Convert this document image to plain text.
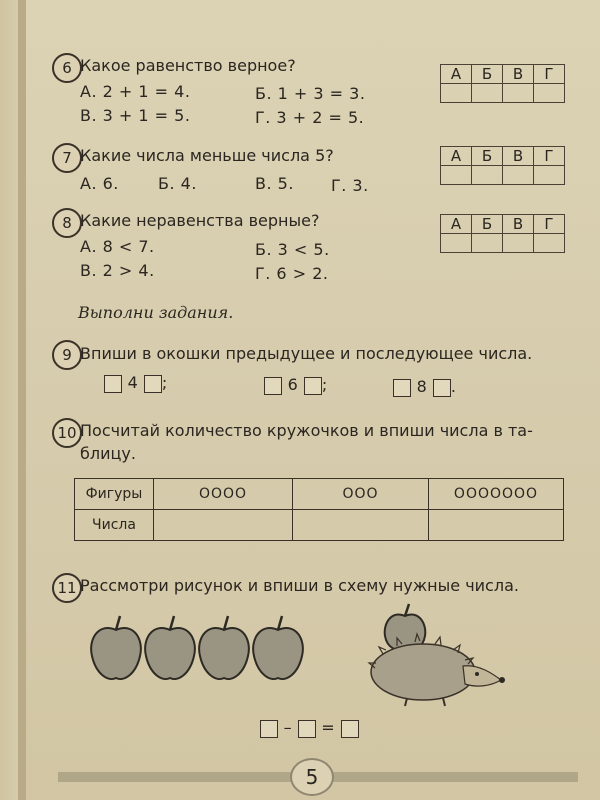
6 Какое равенство верное?
А. 2 + 1 = 4.	Б. 1 + 3 = 3.
В. 3 + 1 = 5.	Г. 3 + 2 = 5.
А	Б	В	Г

7 Какие числа меньше числа 5?
А. 6. Б. 4.	В. 5. Г. 3.
А	Б	В	Г

8 Какие неравенства верные?
А. 8 < 7.	Б. 3 < 5.
В. 2 > 4.	Г. 6 > 2.
А	Б	В	Г

Выполни задания.
9 Впиши в окошки предыдущее и последующее числа.
4 ;	6 ;	8 .
10 Посчитай количество кружочков и впиши числа в та-
блицу.
Фигуры	OOOO	OOO	OOOOOOO
Числа			
11 Рассмотри рисунок и впиши в схему нужные числа.
– =
5
